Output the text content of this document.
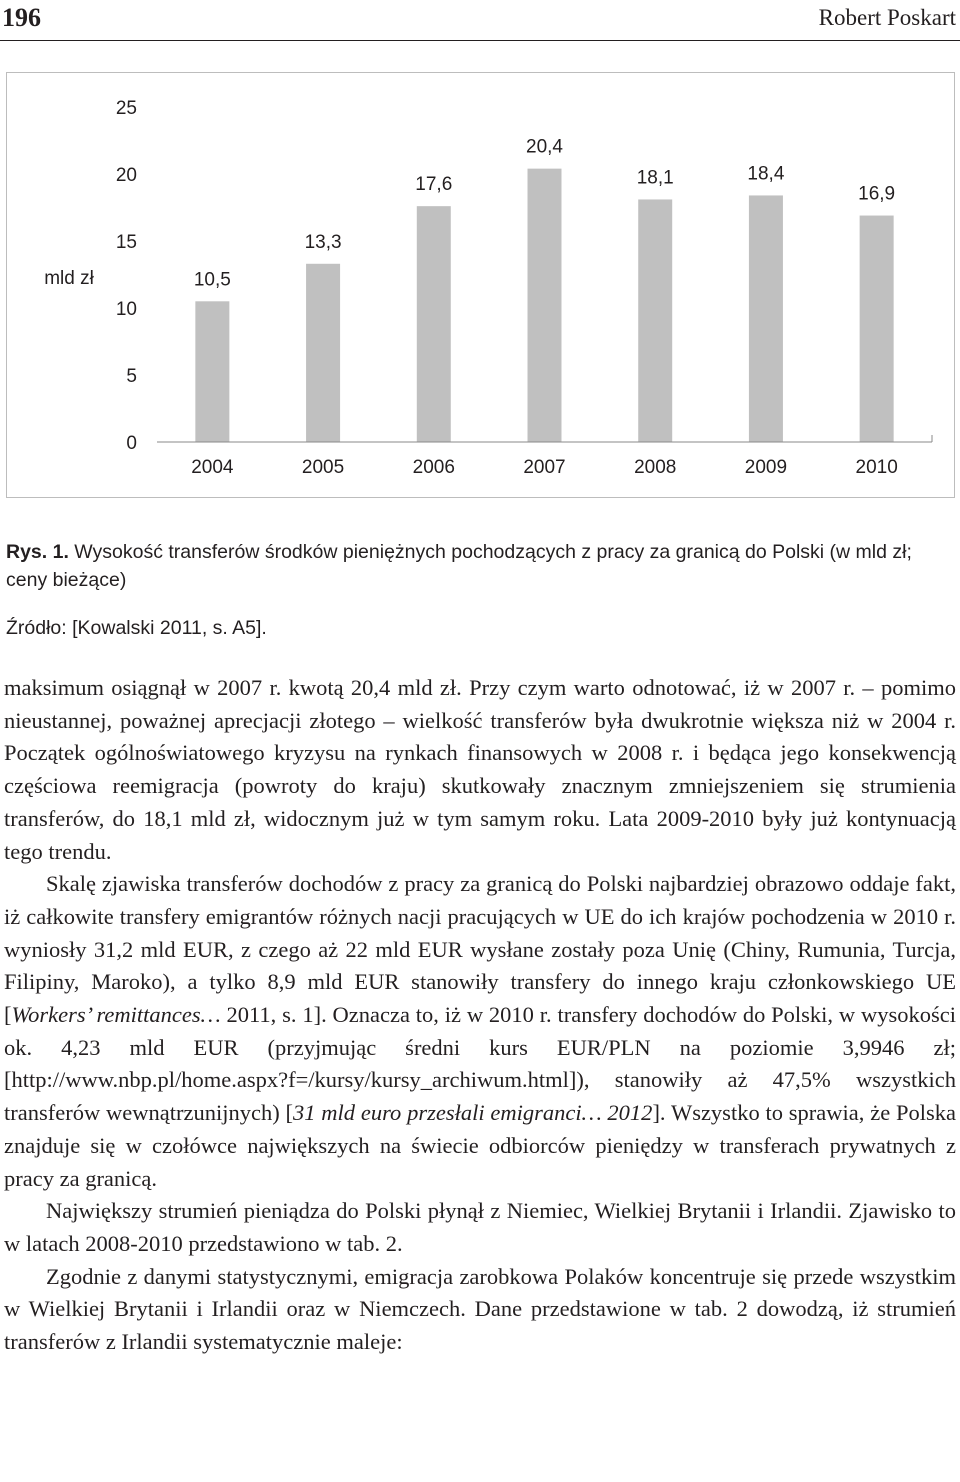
196	Robert Poskart
0
5
10
15
20
25
mld zł	10,5
2004
13,3
2005
17,6
2006
20,4
2007
18,1
2008
18,4
2009
16,9
2010
Rys. 1. Wysokość transferów środków pieniężnych pochodzących z pracy za granicą do Polski (w mld zł; ceny bieżące)
Źródło: [Kowalski 2011, s. A5].

maksimum osiągnął w 2007 r. kwotą 20,4 mld zł. Przy czym warto odnotować, iż w 2007 r. – pomimo nieustannej, poważnej aprecjacji złotego – wielkość transferów była dwukrotnie większa niż w 2004 r. Początek ogólnoświatowego kryzysu na rynkach finansowych w 2008 r. i będąca jego konsekwencją częściowa reemigracja (powroty do kraju) skutkowały znacznym zmniejszeniem się strumienia transferów, do 18,1 mld zł, widocznym już w tym samym roku. Lata 2009-2010 były już kontynuacją tego trendu.

Skalę zjawiska transferów dochodów z pracy za granicą do Polski najbardziej obrazowo oddaje fakt, iż całkowite transfery emigrantów różnych nacji pracujących w UE do ich krajów pochodzenia w 2010 r. wyniosły 31,2 mld EUR, z czego aż 22 mld EUR wysłane zostały poza Unię (Chiny, Rumunia, Turcja, Filipiny, Maroko), a tylko 8,9 mld EUR stanowiły transfery do innego kraju członkowskiego UE [Workers’ remittances… 2011, s. 1]. Oznacza to, iż w 2010 r. transfery dochodów do Polski, w wysokości ok. 4,23 mld EUR (przyjmując średni kurs EUR/PLN na poziomie 3,9946 zł; [http://www.nbp.pl/home.aspx?f=/kursy/kursy_archiwum.html]), stanowiły aż 47,5% wszystkich transferów wewnątrzunijnych) [31 mld euro przesłali emigranci… 2012]. Wszystko to sprawia, że Polska znajduje się w czołówce największych na świecie odbiorców pieniędzy w transferach prywatnych z pracy za granicą.

Największy strumień pieniądza do Polski płynął z Niemiec, Wielkiej Brytanii i Irlandii. Zjawisko to w latach 2008-2010 przedstawiono w tab. 2.

Zgodnie z danymi statystycznymi, emigracja zarobkowa Polaków koncentruje się przede wszystkim w Wielkiej Brytanii i Irlandii oraz w Niemczech. Dane przedstawione w tab. 2 dowodzą, iż strumień transferów z Irlandii systematycznie maleje:
